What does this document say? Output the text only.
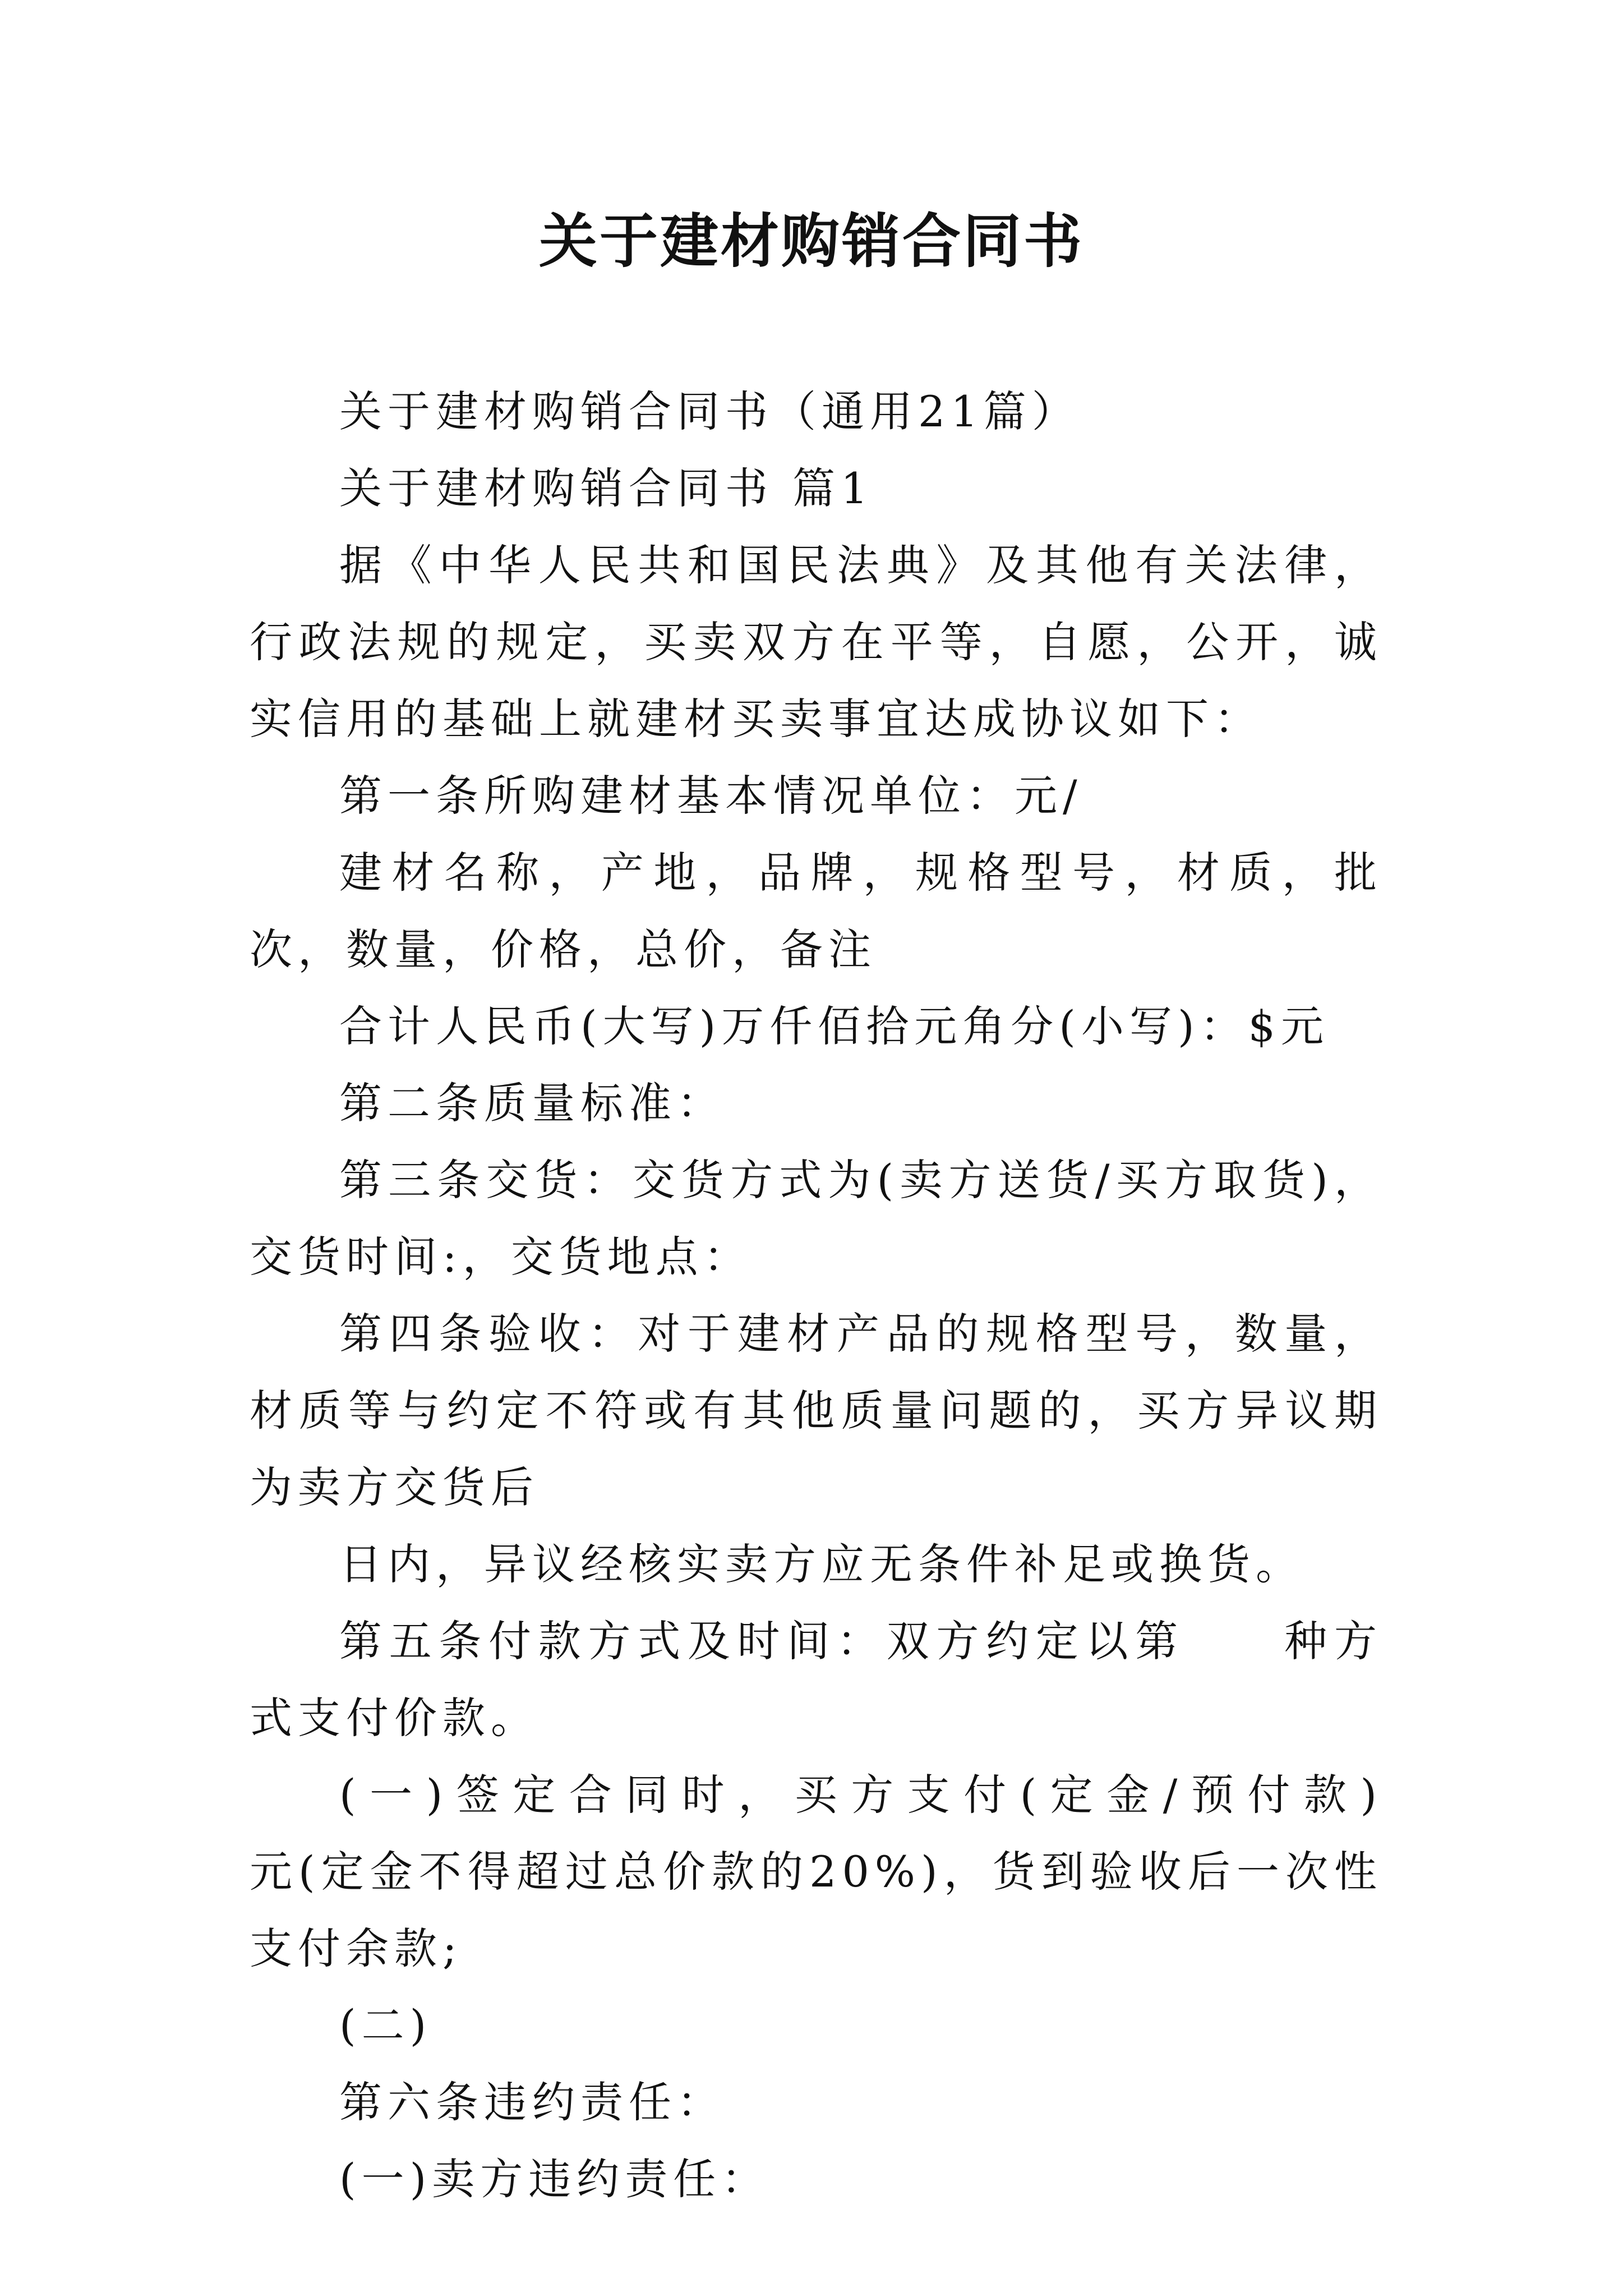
关于建材购销合同书

关于建材购销合同书（通用21篇）

关于建材购销合同书 篇1

据《中华人民共和国民法典》及其他有关法律，行政法规的规定，买卖双方在平等，自愿，公开，诚实信用的基础上就建材买卖事宜达成协议如下：

第一条所购建材基本情况单位：元/

建材名称，产地，品牌，规格型号，材质，批次，数量，价格，总价，备注

合计人民币(大写)万仟佰拾元角分(小写)：$元

第二条质量标准：

第三条交货：交货方式为(卖方送货/买方取货)，交货时间:，交货地点：

第四条验收：对于建材产品的规格型号，数量，材质等与约定不符或有其他质量问题的，买方异议期为卖方交货后

日内，异议经核实卖方应无条件补足或换货。

第五条付款方式及时间：双方约定以第　　种方式支付价款。

(一)签定合同时，买方支付(定金/预付款)　　　元(定金不得超过总价款的20%)，货到验收后一次性支付余款;

(二)

第六条违约责任：

(一)卖方违约责任：
